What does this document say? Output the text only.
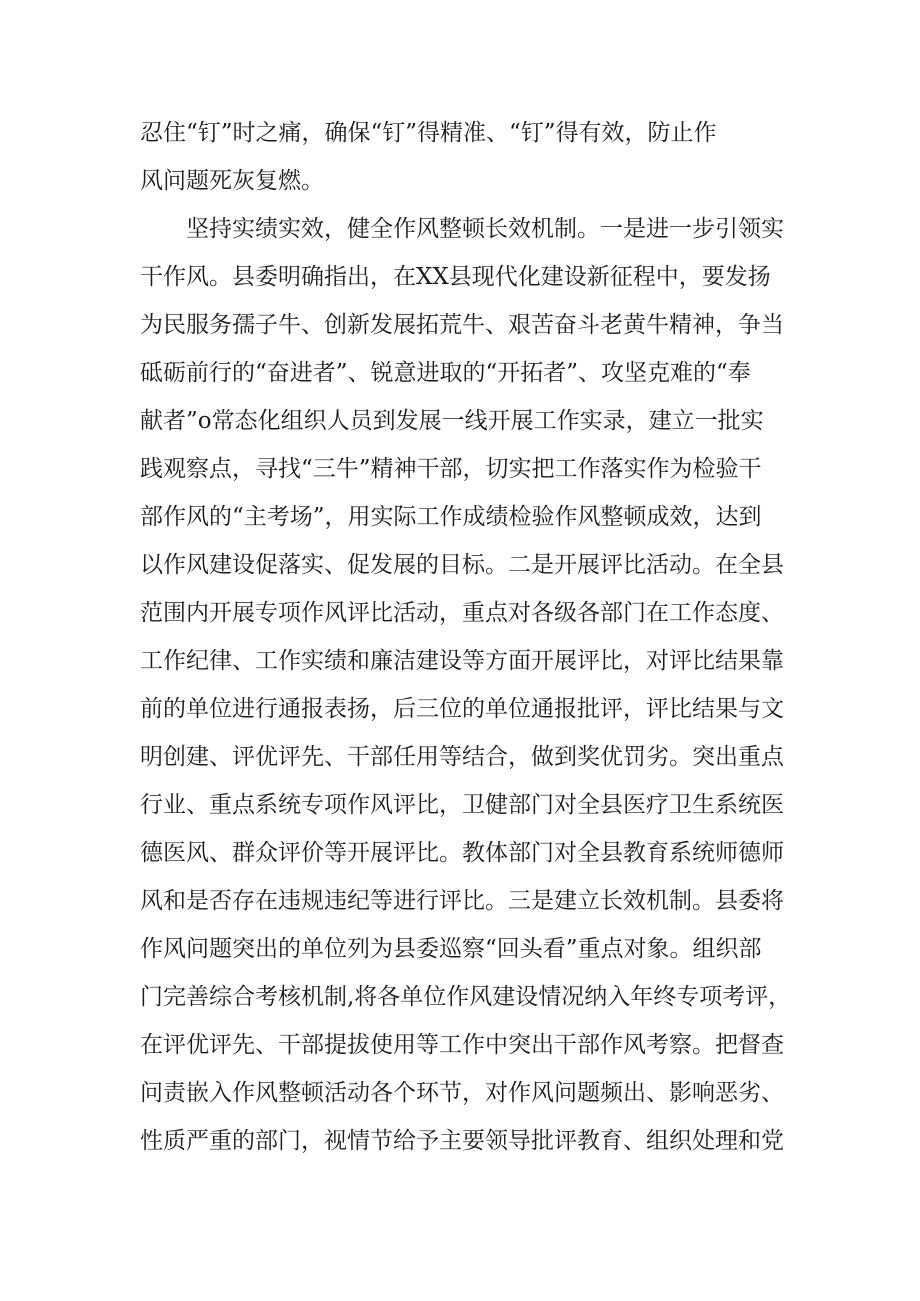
忍住“钉”时之痛，确保“钉”得精准、“钉”得有效，防止作
风问题死灰复燃。
坚持实绩实效，健全作风整顿长效机制。一是进一步引领实
干作风。县委明确指出，在XX县现代化建设新征程中，要发扬
为民服务孺子牛、创新发展拓荒牛、艰苦奋斗老黄牛精神，争当
砥砺前行的“奋进者”、锐意进取的“开拓者”、攻坚克难的“奉
献者”o常态化组织人员到发展一线开展工作实录，建立一批实
践观察点，寻找“三牛”精神干部，切实把工作落实作为检验干
部作风的“主考场”，用实际工作成绩检验作风整顿成效，达到
以作风建设促落实、促发展的目标。二是开展评比活动。在全县
范围内开展专项作风评比活动，重点对各级各部门在工作态度、
工作纪律、工作实绩和廉洁建设等方面开展评比，对评比结果靠
前的单位进行通报表扬，后三位的单位通报批评，评比结果与文
明创建、评优评先、干部任用等结合，做到奖优罚劣。突出重点
行业、重点系统专项作风评比，卫健部门对全县医疗卫生系统医
德医风、群众评价等开展评比。教体部门对全县教育系统师德师
风和是否存在违规违纪等进行评比。三是建立长效机制。县委将
作风问题突出的单位列为县委巡察“回头看”重点对象。组织部
门完善综合考核机制,将各单位作风建设情况纳入年终专项考评，
在评优评先、干部提拔使用等工作中突出干部作风考察。把督查
问责嵌入作风整顿活动各个环节，对作风问题频出、影响恶劣、
性质严重的部门，视情节给予主要领导批评教育、组织处理和党
